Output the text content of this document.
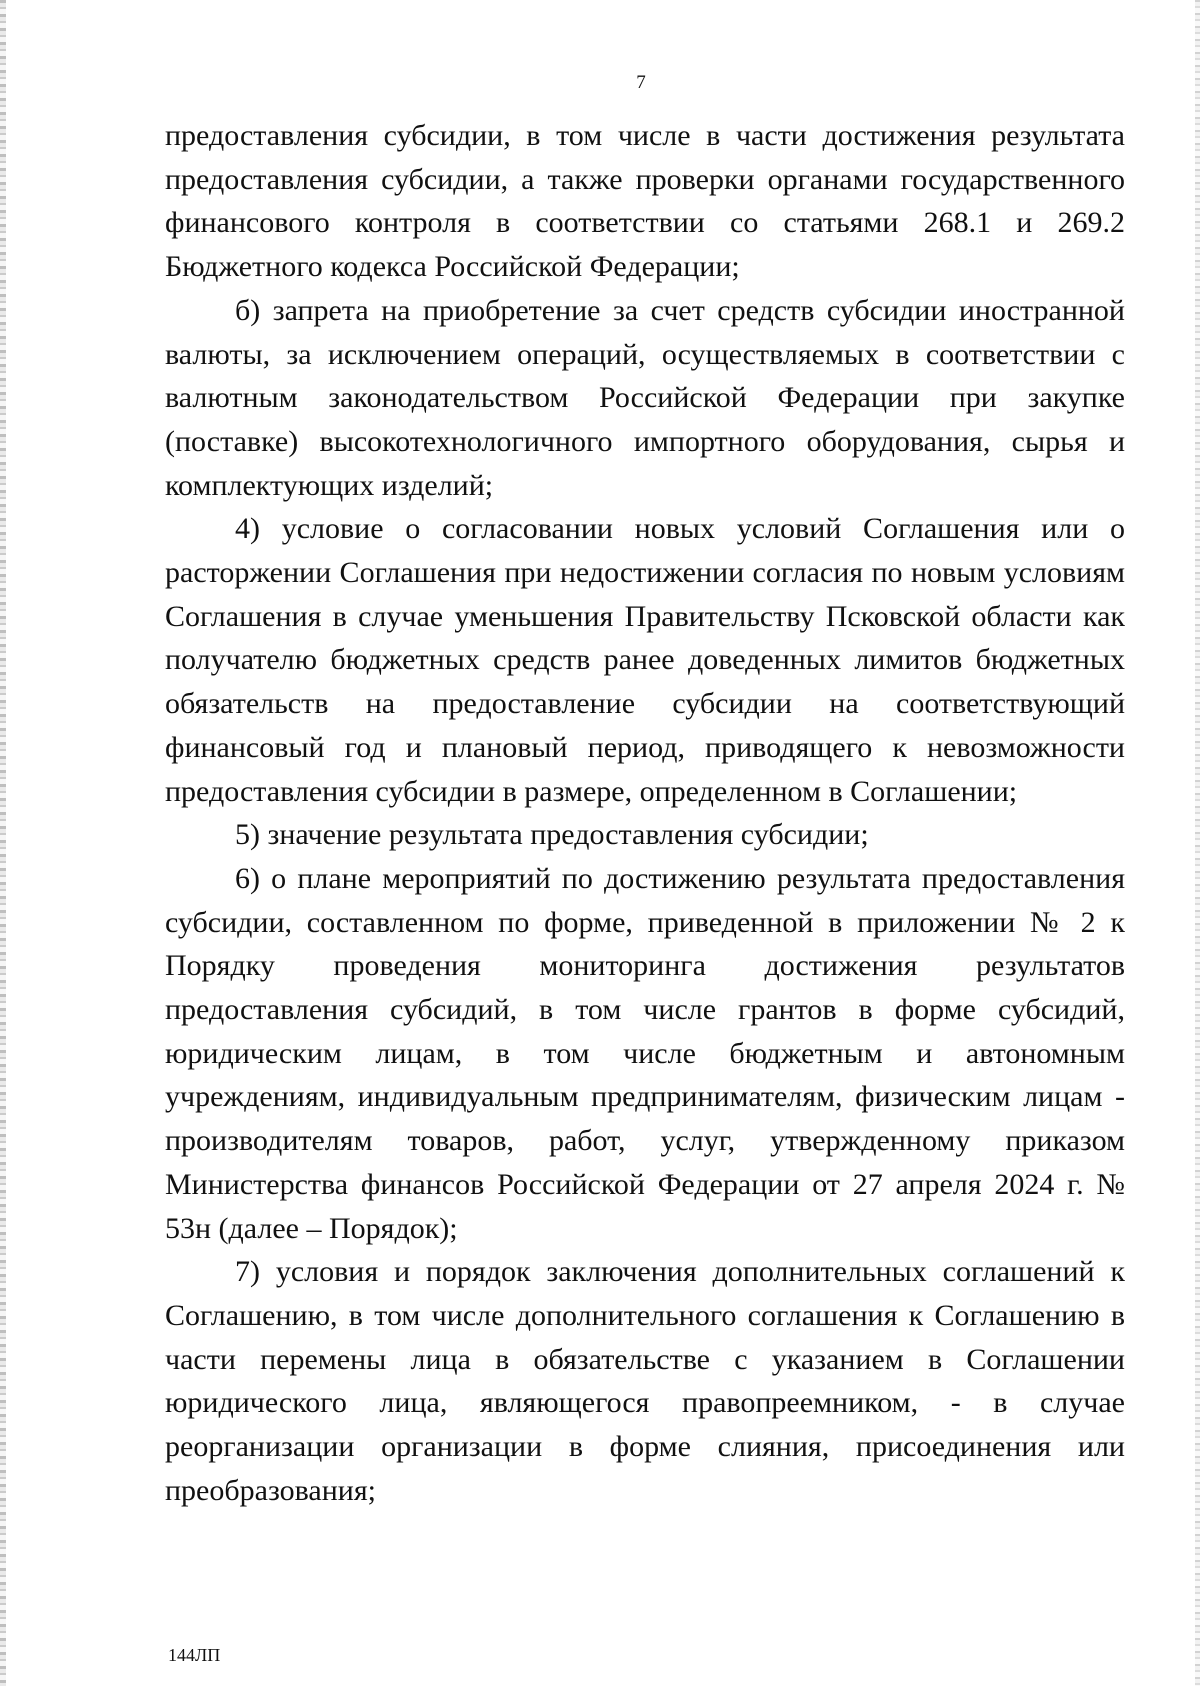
7

предоставления субсидии, в том числе в части достижения результата предоставления субсидии, а также проверки органами государственного финансового контроля в соответствии со статьями 268.1 и 269.2 Бюджетного кодекса Российской Федерации;

б) запрета на приобретение за счет средств субсидии иностранной валюты, за исключением операций, осуществляемых в соответствии с валютным законодательством Российской Федерации при закупке (поставке) высокотехнологичного импортного оборудования, сырья и комплектующих изделий;

4) условие о согласовании новых условий Соглашения или о расторжении Соглашения при недостижении согласия по новым условиям Соглашения в случае уменьшения Правительству Псковской области как получателю бюджетных средств ранее доведенных лимитов бюджетных обязательств на предоставление субсидии на соответствующий финансовый год и плановый период, приводящего к невозможности предоставления субсидии в размере, определенном в Соглашении;

5) значение результата предоставления субсидии;

6) о плане мероприятий по достижению результата предоставления субсидии, составленном по форме, приведенной в приложении № 2 к Порядку проведения мониторинга достижения результатов предоставления субсидий, в том числе грантов в форме субсидий, юридическим лицам, в том числе бюджетным и автономным учреждениям, индивидуальным предпринимателям, физическим лицам - производителям товаров, работ, услуг, утвержденному приказом Министерства финансов Российской Федерации от 27 апреля 2024 г. № 53н (далее – Порядок);

7) условия и порядок заключения дополнительных соглашений к Соглашению, в том числе дополнительного соглашения к Соглашению в части перемены лица в обязательстве с указанием в Соглашении юридического лица, являющегося правопреемником, - в случае реорганизации организации в форме слияния, присоединения или преобразования;

144ЛП
